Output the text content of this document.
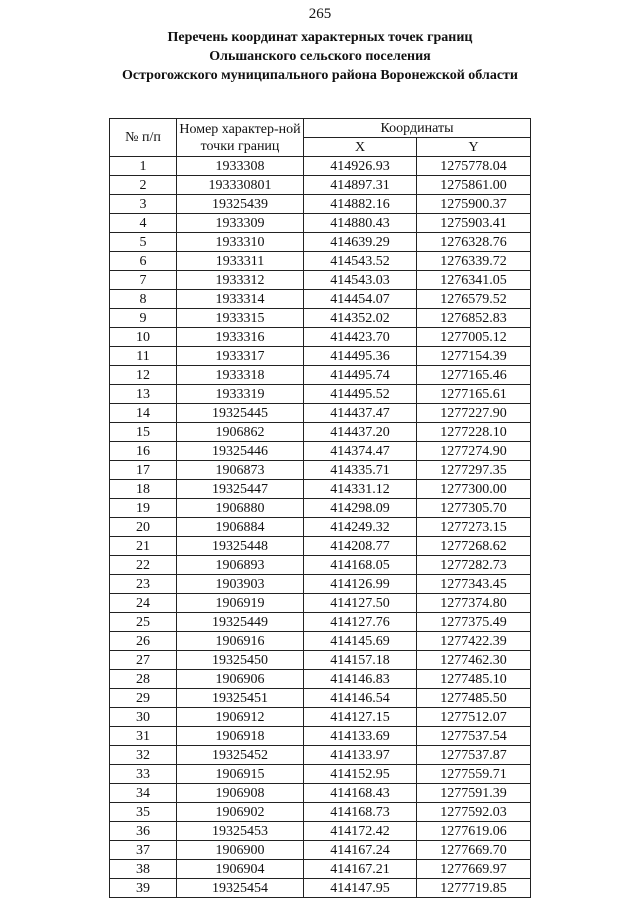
265
Перечень координат характерных точек границ
Ольшанского сельского поселения
Острогожского муниципального района Воронежской области
№ п/п	Номер характер-ной точки границ	Координаты	
		X	Y
1	1933308	414926.93	1275778.04
2	193330801	414897.31	1275861.00
3	19325439	414882.16	1275900.37
4	1933309	414880.43	1275903.41
5	1933310	414639.29	1276328.76
6	1933311	414543.52	1276339.72
7	1933312	414543.03	1276341.05
8	1933314	414454.07	1276579.52
9	1933315	414352.02	1276852.83
10	1933316	414423.70	1277005.12
11	1933317	414495.36	1277154.39
12	1933318	414495.74	1277165.46
13	1933319	414495.52	1277165.61
14	19325445	414437.47	1277227.90
15	1906862	414437.20	1277228.10
16	19325446	414374.47	1277274.90
17	1906873	414335.71	1277297.35
18	19325447	414331.12	1277300.00
19	1906880	414298.09	1277305.70
20	1906884	414249.32	1277273.15
21	19325448	414208.77	1277268.62
22	1906893	414168.05	1277282.73
23	1903903	414126.99	1277343.45
24	1906919	414127.50	1277374.80
25	19325449	414127.76	1277375.49
26	1906916	414145.69	1277422.39
27	19325450	414157.18	1277462.30
28	1906906	414146.83	1277485.10
29	19325451	414146.54	1277485.50
30	1906912	414127.15	1277512.07
31	1906918	414133.69	1277537.54
32	19325452	414133.97	1277537.87
33	1906915	414152.95	1277559.71
34	1906908	414168.43	1277591.39
35	1906902	414168.73	1277592.03
36	19325453	414172.42	1277619.06
37	1906900	414167.24	1277669.70
38	1906904	414167.21	1277669.97
39	19325454	414147.95	1277719.85
